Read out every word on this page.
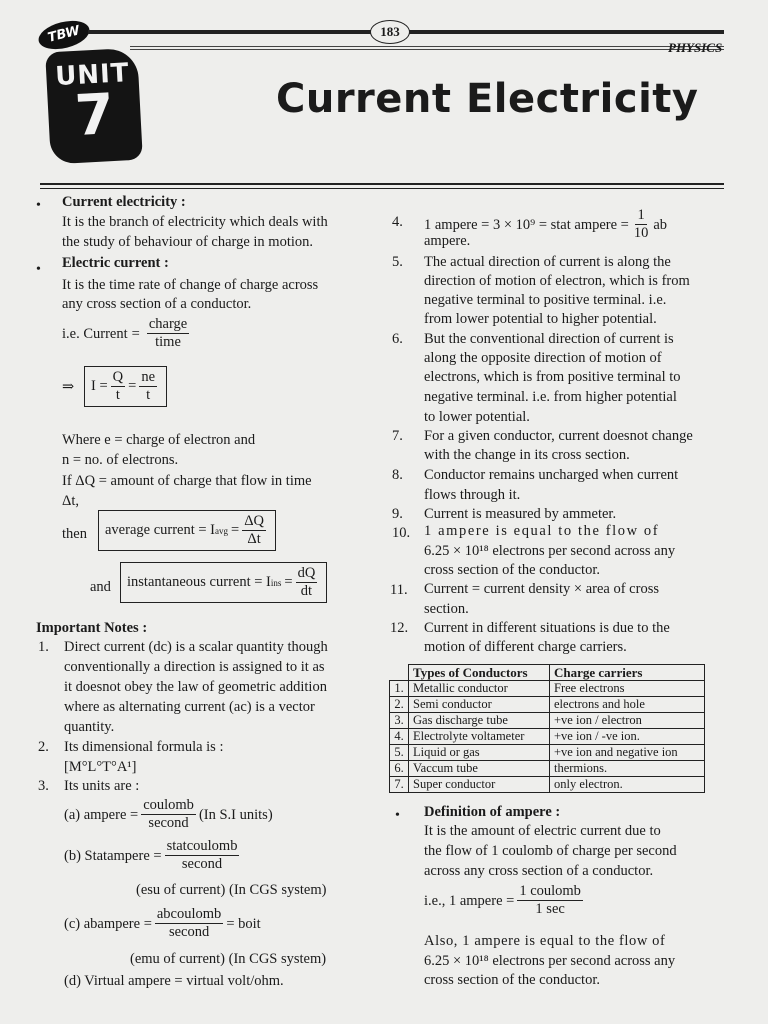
TBW	183
PHYSICS
UNIT
7	Current Electricity
• Current electricity :
It is the branch of electricity which deals with
the study of behaviour of charge in motion.
• Electric current :
It is the time rate of change of charge across
any cross section of a conductor.
i.e. Current = $\frac{\text{charge}}{\text{time}}$
⇒ $I = \frac{Q}{t} = \frac{ne}{t}$
Where e = charge of electron and
n = no. of electrons.
If ΔQ = amount of charge that flow in time
Δt,
then average current = I avg = $\frac{\Delta Q}{\Delta t}$
and instantaneous current = I ins = $\frac{dQ}{dt}$
Important Notes :
1. Direct current (dc) is a scalar quantity though
conventionally a direction is assigned to it as
it doesnot obey the law of geometric addition
where as alternating current (ac) is a vector
quantity.
2. Its dimensional formula is :
[M°L°T°A¹]
3. Its units are :
(a) ampere = $\frac{\text{coulomb}}{\text{second}} (In$ S.I units)
(b) Statampere = $\frac{\text{statcoulomb}}{\text{second}}$
(esu of current) (In CGS system)
(c) abampere = $\frac{\text{abcoulomb}}{\text{second}}$ = boit
(emu of current) (In CGS system)
(d) Virtual ampere = virtual volt/ohm.
4. 1 ampere = 3 × 10⁹ = stat ampere = $\frac{1}{10}$ ab
ampere.
5. The actual direction of current is along the
direction of motion of electron, which is from
negative terminal to positive terminal. i.e.
from lower potential to higher potential.
6. But the conventional direction of current is
along the opposite direction of motion of
electrons, which is from positive terminal to
negative terminal. i.e. from higher potential
to lower potential.
7. For a given conductor, current doesnot change
with the change in its cross section.
8. Conductor remains uncharged when current
flows through it.
9. Current is measured by ammeter.
10. 1 ampere is equal to the flow of
6.25 × 10¹⁸ electrons per second across any
cross section of the conductor.
11. Current = current density × area of cross
section.
12. Current in different situations is due to the
motion of different charge carriers.
	Types of Conductors	Charge carriers
1.	Metallic conductor	Free electrons
2.	Semi conductor	electrons and hole
3.	Gas discharge tube	+ve ion / electron
4.	Electrolyte voltameter	+ve ion / -ve ion.
5.	Liquid or gas	+ve ion and negative ion
6.	Vaccum tube	thermions.
7.	Super conductor	only electron.
• Definition of ampere :
It is the amount of electric current due to
the flow of 1 coulomb of charge per second
across any cross section of a conductor.
i.e., 1 ampere = $\frac{\text{1 coulomb}}{1 \sec}$
Also, 1 ampere is equal to the flow of
6.25 × 10¹⁸ electrons per second across any
cross section of the conductor.
